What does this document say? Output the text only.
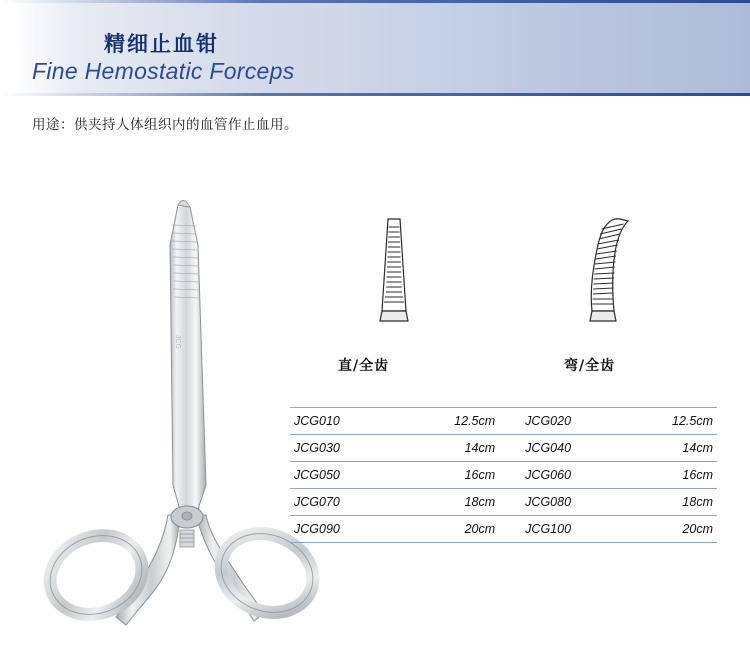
精细止血钳
Fine Hemostatic Forceps
用途：供夹持人体组织内的血管作止血用。
JCG
直/全齿	弯/全齿
JCG010	12.5cm	JCG020	12.5cm
JCG030	14cm	JCG040	14cm
JCG050	16cm	JCG060	16cm
JCG070	18cm	JCG080	18cm
JCG090	20cm	JCG100	20cm
